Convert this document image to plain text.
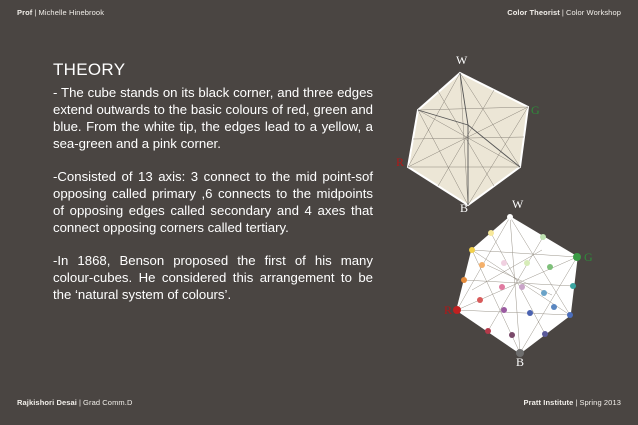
Prof | Michelle Hinebrook	Color Theorist | Color Workshop
THEORY

- The cube stands on its black corner, and three edges extend outwards to the basic colours of red, green and blue. From the white tip, the edges lead to a yellow, a sea-green and a pink corner.

-Consisted of 13 axis: 3 connect to the mid point-sof opposing called primary ,6 connects to the midpoints of opposing edges called secondary and 4 axes that connect opposing corners called tertiary.

-In 1868, Benson proposed the first of his many colour-cubes. He considered this arrangement to be the ‘natural system of colours’.

W
G
R
B	W
G
R
B
Rajkishori Desai | Grad Comm.D	Pratt Institute | Spring 2013
